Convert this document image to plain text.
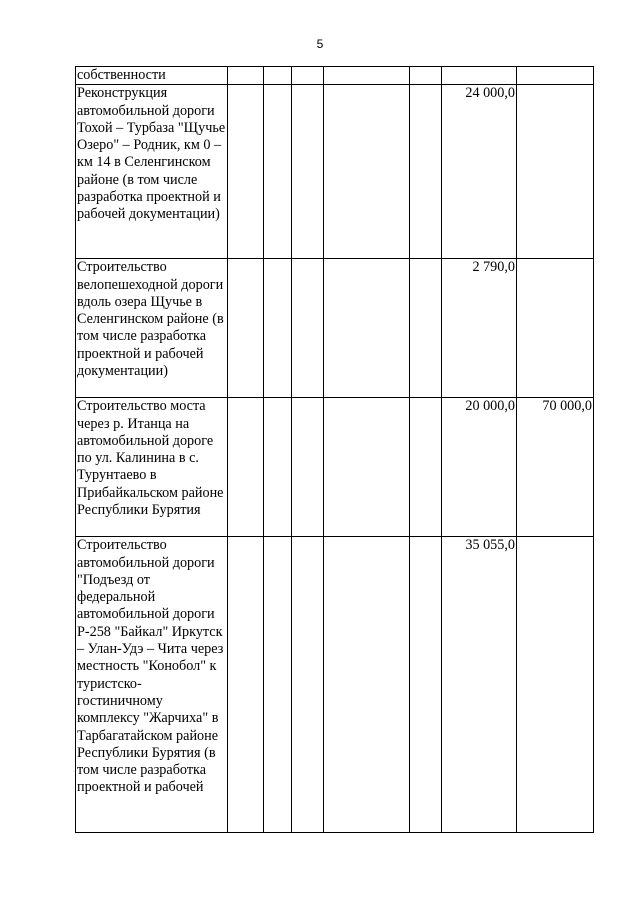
5
собственности							
Реконструкция автомобильной дороги Тохой – Турбаза "Щучье Озеро" – Родник, км 0 – км 14 в Селенгинском районе (в том числе разработка проектной и рабочей документации)						24 000,0	
Строительство велопешеходной дороги вдоль озера Щучье в Селенгинском районе (в том числе разработка проектной и рабочей документации)						2 790,0	
Строительство моста через р. Итанца на автомобильной дороге по ул. Калинина в с. Турунтаево в Прибайкальском районе Республики Бурятия						20 000,0	70 000,0
Строительство автомобильной дороги "Подъезд от федеральной автомобильной дороги Р-258 "Байкал" Иркутск – Улан-Удэ – Чита через местность "Конобол" к туристско-гостиничному комплексу "Жарчиха" в Тарбагатайском районе Республики Бурятия (в том числе разработка проектной и рабочей						35 055,0	
